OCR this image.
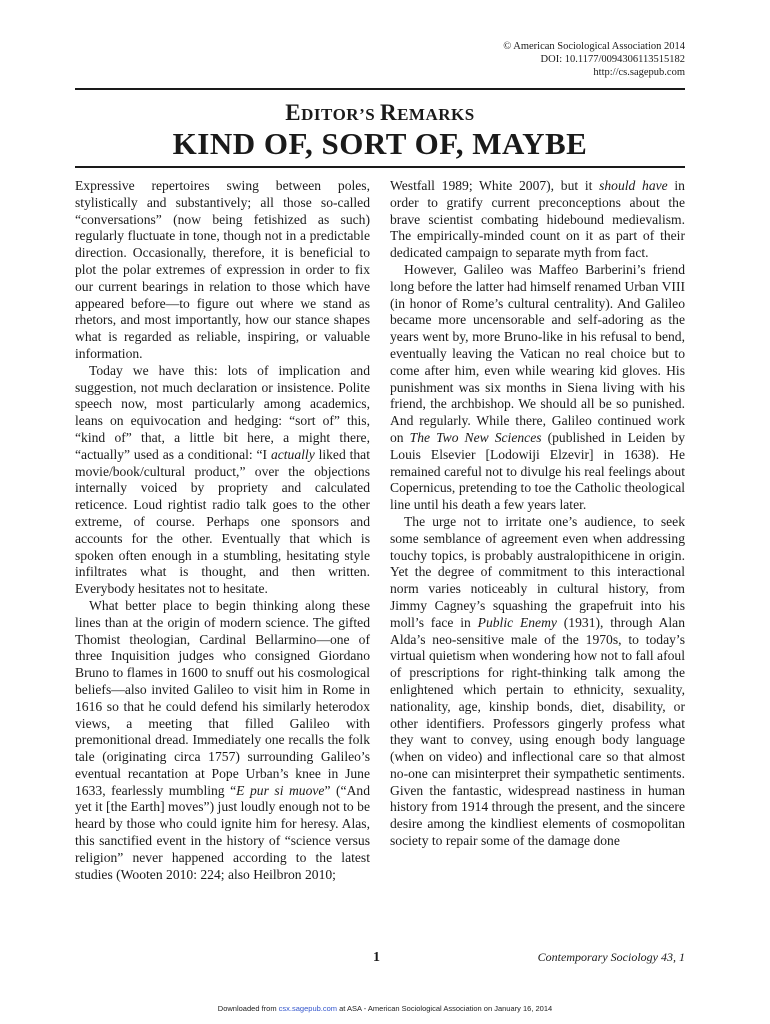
© American Sociological Association 2014
DOI: 10.1177/0094306113515182
http://cs.sagepub.com
EDITOR’S REMARKS
KIND OF, SORT OF, MAYBE

Expressive repertoires swing between poles, stylistically and substantively; all those so-called “conversations” (now being fetishized as such) regularly fluctuate in tone, though not in a predictable direction. Occasionally, therefore, it is beneficial to plot the polar extremes of expression in order to fix our current bearings in relation to those which have appeared before—to figure out where we stand as rhetors, and most importantly, how our stance shapes what is regarded as reliable, inspiring, or valuable information.

Today we have this: lots of implication and suggestion, not much declaration or insistence. Polite speech now, most particularly among academics, leans on equivocation and hedging: “sort of” this, “kind of” that, a little bit here, a might there, “actually” used as a conditional: “I actually liked that movie/book/cultural product,” over the objections internally voiced by propriety and calculated reticence. Loud rightist radio talk goes to the other extreme, of course. Perhaps one sponsors and accounts for the other. Eventually that which is spoken often enough in a stumbling, hesitating style infiltrates what is thought, and then written. Everybody hesitates not to hesitate.

What better place to begin thinking along these lines than at the origin of modern science. The gifted Thomist theologian, Cardinal Bellarmino—one of three Inquisition judges who consigned Giordano Bruno to flames in 1600 to snuff out his cosmological beliefs—also invited Galileo to visit him in Rome in 1616 so that he could defend his similarly heterodox views, a meeting that filled Galileo with premonitional dread. Immediately one recalls the folk tale (originating circa 1757) surrounding Galileo’s eventual recantation at Pope Urban’s knee in June 1633, fearlessly mumbling “E pur si muove” (“And yet it [the Earth] moves”) just loudly enough not to be heard by those who could ignite him for heresy. Alas, this sanctified event in the history of “science versus religion” never happened according to the latest studies (Wooten 2010: 224; also Heilbron 2010;

Westfall 1989; White 2007), but it should have in order to gratify current preconceptions about the brave scientist combating hidebound medievalism. The empirically-minded count on it as part of their dedicated campaign to separate myth from fact.

However, Galileo was Maffeo Barberini’s friend long before the latter had himself renamed Urban VIII (in honor of Rome’s cultural centrality). And Galileo became more uncensorable and self-adoring as the years went by, more Bruno-like in his refusal to bend, eventually leaving the Vatican no real choice but to come after him, even while wearing kid gloves. His punishment was six months in Siena living with his friend, the archbishop. We should all be so punished. And regularly. While there, Galileo continued work on The Two New Sciences (published in Leiden by Louis Elsevier [Lodowiji Elzevir] in 1638). He remained careful not to divulge his real feelings about Copernicus, pretending to toe the Catholic theological line until his death a few years later.

The urge not to irritate one’s audience, to seek some semblance of agreement even when addressing touchy topics, is probably australopithicene in origin. Yet the degree of commitment to this interactional norm varies noticeably in cultural history, from Jimmy Cagney’s squashing the grapefruit into his moll’s face in Public Enemy (1931), through Alan Alda’s neo-sensitive male of the 1970s, to today’s virtual quietism when wondering how not to fall afoul of prescriptions for right-thinking talk among the enlightened which pertain to ethnicity, sexuality, nationality, age, kinship bonds, diet, disability, or other identifiers. Professors gingerly profess what they want to convey, using enough body language (when on video) and inflectional care so that almost no-one can misinterpret their sympathetic sentiments. Given the fantastic, widespread nastiness in human history from 1914 through the present, and the sincere desire among the kindliest elements of cosmopolitan society to repair some of the damage done

1	Contemporary Sociology 43, 1
Downloaded from csx.sagepub.com at ASA - American Sociological Association on January 16, 2014
